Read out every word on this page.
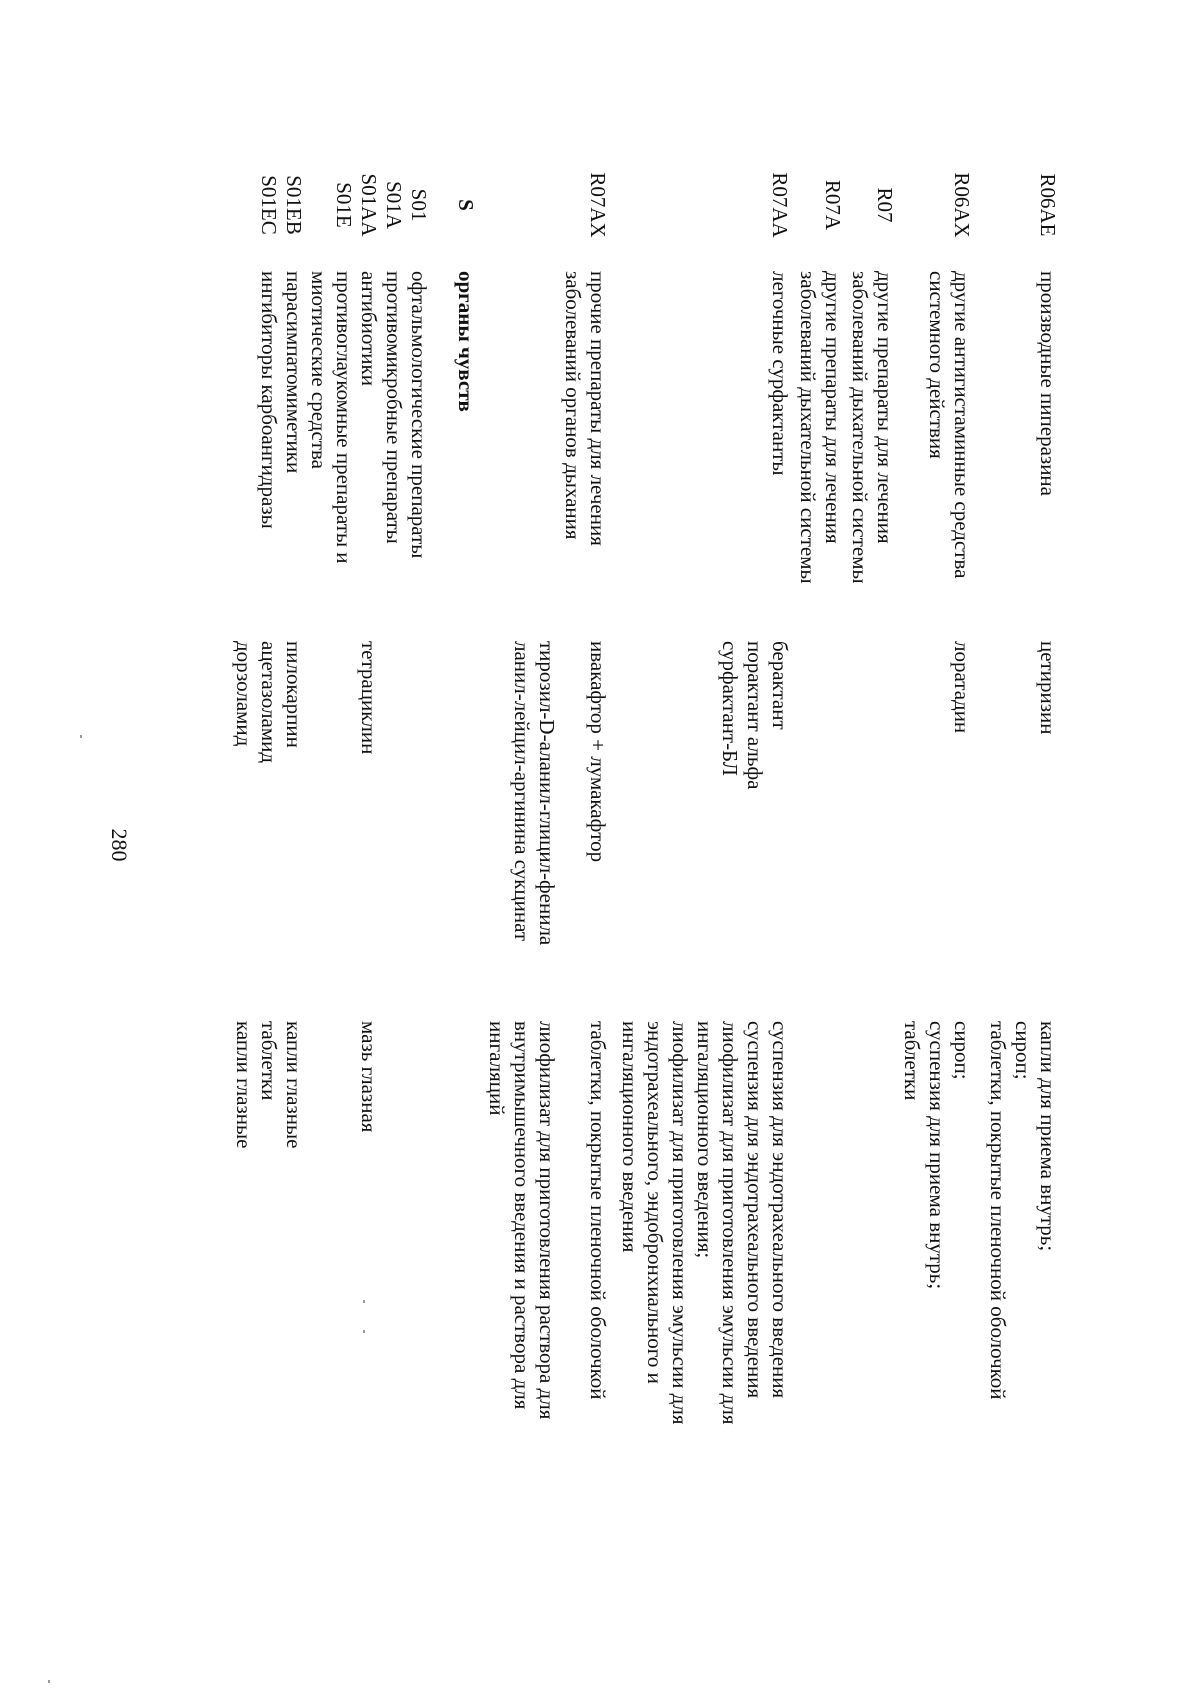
280
R06AE
производные пиперазина
цетиризин
капли для приема внутрь;
сироп;
таблетки, покрытые пленочной оболочкой
лоратадин
сироп;
суспензия для приема внутрь;
таблетки
R06AX
другие антигистаминные средства
системного действия
R07
другие препараты для лечения
заболеваний дыхательной системы
R07A
другие препараты для лечения
заболеваний дыхательной системы
берактант
порактант альфа
сурфактант-БЛ
суспензия для эндотрахеального введения
суспензия для эндотрахеального введения
лиофилизат для приготовления эмульсии для
ингаляционного введения;
лиофилизат для приготовления эмульсии для
эндотрахеального, эндобронхиального и
ингаляционного введения
R07AA
легочные сурфактанты
R07AX
прочие препараты для лечения
заболеваний органов дыхания
ивакафтор + лумакафтор
таблетки, покрытые пленочной оболочкой
тирозил-D-аланил-глицил-фенила
ланил-лейцил-аргинина сукцинат
лиофилизат для приготовления раствора для
внутримышечного введения и раствора для
ингаляций
S
органы чувств
S01
S01A
S01AA
офтальмологические препараты
противомикробные препараты
антибиотики

тетрациклин

мазь глазная
S01E
противоглаукомные препараты и
миотические средства
S01EB
S01EC
парасимпатомиметики
ингибиторы карбоангидразы
пилокарпин
ацетазоламид
дорзоламид
капли глазные
таблетки
капли глазные
